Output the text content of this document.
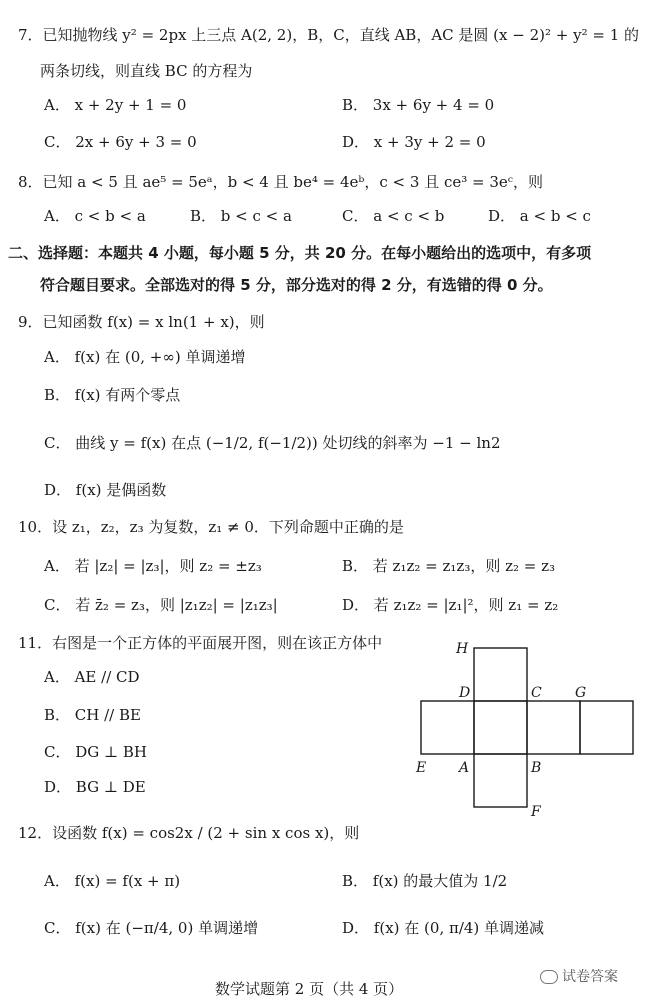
7．已知抛物线 y² = 2px 上三点 A(2, 2)，B，C，直线 AB，AC 是圆 (x − 2)² + y² = 1 的
两条切线，则直线 BC 的方程为
A． x + 2y + 1 = 0	B． 3x + 6y + 4 = 0
C． 2x + 6y + 3 = 0	D． x + 3y + 2 = 0
8．已知 a < 5 且 ae⁵ = 5eᵃ，b < 4 且 be⁴ = 4eᵇ，c < 3 且 ce³ = 3eᶜ，则
A． c < b < a	B． b < c < a	C． a < c < b	D． a < b < c
二、选择题：本题共 4 小题，每小题 5 分，共 20 分。在每小题给出的选项中，有多项
符合题目要求。全部选对的得 5 分，部分选对的得 2 分，有选错的得 0 分。
9．已知函数 f(x) = x ln(1 + x)，则
A． f(x) 在 (0, +∞) 单调递增
B． f(x) 有两个零点
C． 曲线 y = f(x) 在点 (−1/2, f(−1/2)) 处切线的斜率为 −1 − ln2
D． f(x) 是偶函数
10．设 z₁，z₂，z₃ 为复数，z₁ ≠ 0．下列命题中正确的是
A． 若 |z₂| = |z₃|，则 z₂ = ±z₃	B． 若 z₁z₂ = z₁z₃，则 z₂ = z₃
C． 若 z̄₂ = z₃，则 |z₁z₂| = |z₁z₃|	D． 若 z₁z₂ = |z₁|²，则 z₁ = z₂
11．右图是一个正方体的平面展开图，则在该正方体中
A． AE // CD
B． CH // BE
C． DG ⊥ BH
D． BG ⊥ DE
H
D	C G
E A	B
F
12．设函数 f(x) = cos2x / (2 + sin x cos x)，则
A． f(x) = f(x + π)	B． f(x) 的最大值为 1/2
C． f(x) 在 (−π/4, 0) 单调递增	D． f(x) 在 (0, π/4) 单调递减
数学试题第 2 页（共 4 页）
试卷答案
